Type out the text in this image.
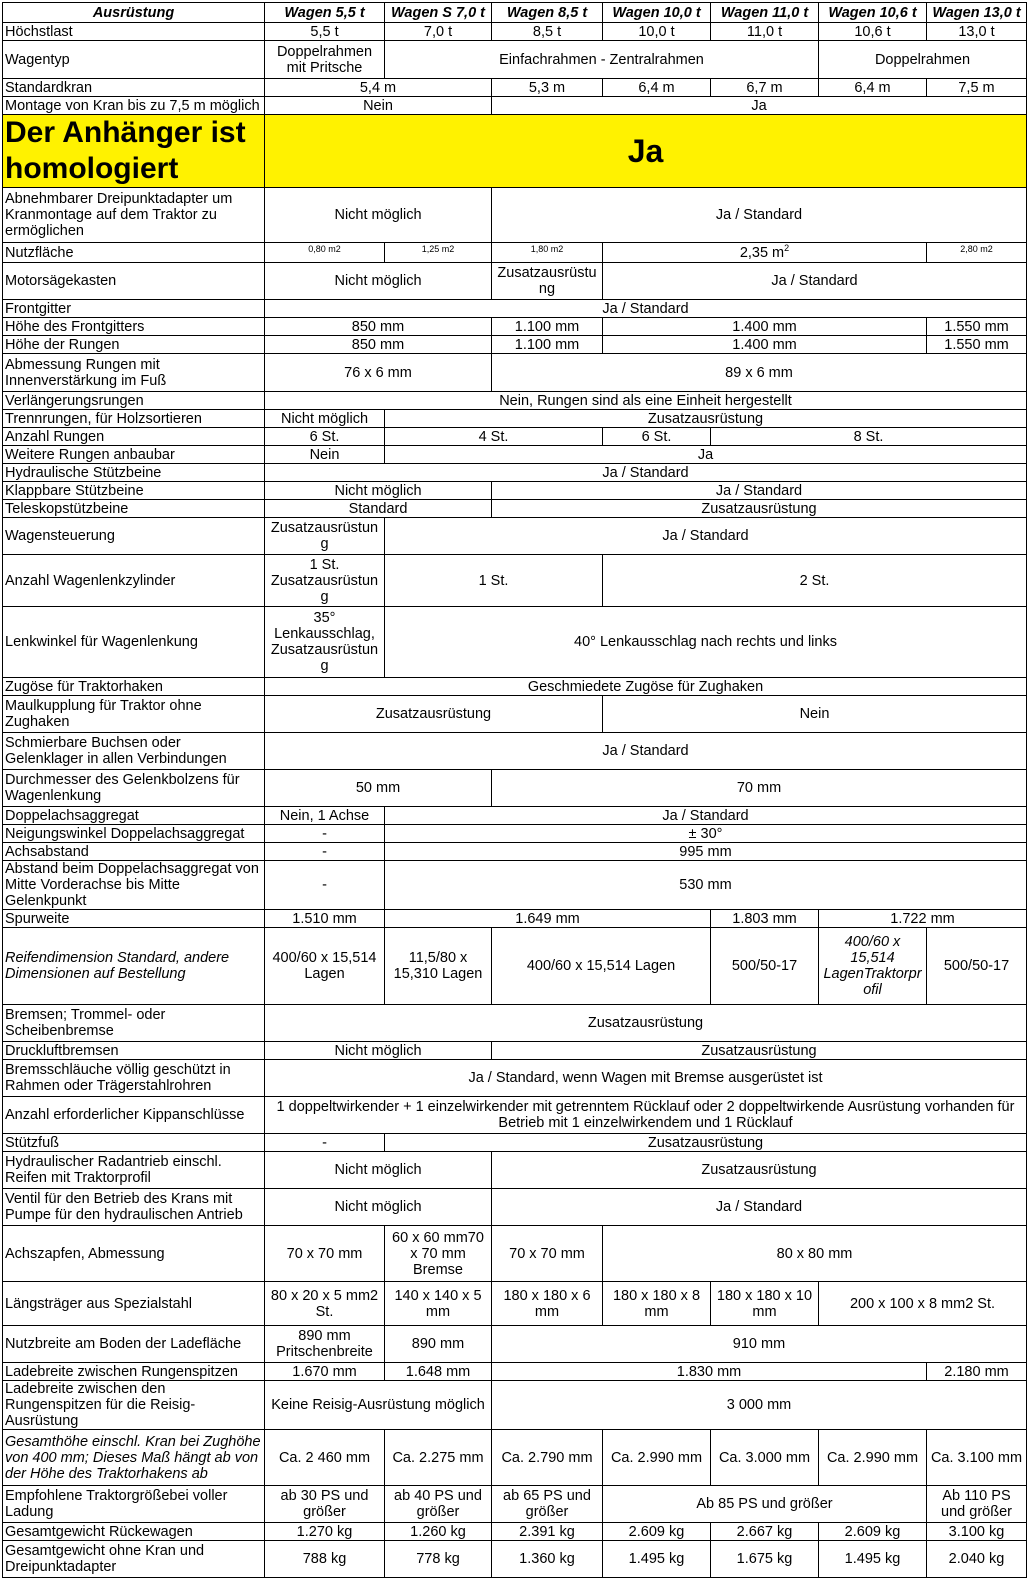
Ausrüstung	Wagen 5,5 t	Wagen S 7,0 t	Wagen 8,5 t	Wagen 10,0 t	Wagen 11,0 t	Wagen 10,6 t	Wagen 13,0 t
Höchstlast	5,5 t	7,0 t	8,5 t	10,0 t	11,0 t	10,6 t	13,0 t
Wagentyp	Doppelrahmen mit Pritsche	Einfachrahmen - Zentralrahmen				Doppelrahmen	
Standardkran	5,4 m		5,3 m	6,4 m	6,7 m	6,4 m	7,5 m
Montage von Kran bis zu 7,5 m möglich	Nein		Ja				
Der Anhänger ist homologiert	Ja						
Abnehmbarer Dreipunktadapter um Kranmontage auf dem Traktor zu ermöglichen	Nicht möglich		Ja / Standard				
Nutzfläche	0,80 m2	1,25 m2	1,80 m2	2,35 $m^2$			2,80 m2
Motorsägekasten	Nicht möglich		Zusatzausrüstung	Ja / Standard			
Frontgitter	Ja / Standard						
Höhe des Frontgitters	850 mm		1.100 mm	1.400 mm			1.550 mm
Höhe der Rungen	850 mm		1.100 mm	1.400 mm			1.550 mm
Abmessung Rungen mit Innenverstärkung im Fuß	76 x 6 mm		89 x 6 mm				
Verlängerungsrungen	Nein, Rungen sind als eine Einheit hergestellt						
Trennrungen, für Holzsortieren	Nicht möglich	Zusatzausrüstung					
Anzahl Rungen	6 St.	4 St.		6 St.	8 St.		
Weitere Rungen anbaubar	Nein	Ja					
Hydraulische Stützbeine	Ja / Standard						
Klappbare Stützbeine	Nicht möglich		Ja / Standard				
Teleskopstützbeine	Standard		Zusatzausrüstung				
Wagensteuerung	Zusatzausrüstung	Ja / Standard					
Anzahl Wagenlenkzylinder	1 St. Zusatzausrüstung	1 St.		2 St.			
Lenkwinkel für Wagenlenkung	35° Lenkausschlag, Zusatzausrüstung	40° Lenkausschlag nach rechts und links					
Zugöse für Traktorhaken	Geschmiedete Zugöse für Zughaken						
Maulkupplung für Traktor ohne Zughaken	Zusatzausrüstung			Nein			
Schmierbare Buchsen oder Gelenklager in allen Verbindungen	Ja / Standard						
Durchmesser des Gelenkbolzens für Wagenlenkung	50 mm		70 mm				
Doppelachsaggregat	Nein, 1 Achse	Ja / Standard					
Neigungswinkel Doppelachsaggregat	-	± 30°					
Achsabstand	-	995 mm					
Abstand beim Doppelachsaggregat von Mitte Vorderachse bis Mitte Gelenkpunkt	-	530 mm					
Spurweite	1.510 mm	1.649 mm			1.803 mm	1.722 mm	
Reifendimension Standard, andere Dimensionen auf Bestellung	400/60 x 15,514 Lagen	11,5/80 x 15,310 Lagen	400/60 x 15,514 Lagen		500/50-17	400/60 x 15,514 LagenTraktorprofil	500/50-17
Bremsen; Trommel- oder Scheibenbremse	Zusatzausrüstung						
Druckluftbremsen	Nicht möglich		Zusatzausrüstung				
Bremsschläuche völlig geschützt in Rahmen oder Trägerstahlrohren	Ja / Standard, wenn Wagen mit Bremse ausgerüstet ist						
Anzahl erforderlicher Kippanschlüsse	1 doppeltwirkender + 1 einzelwirkender mit getrenntem Rücklauf oder 2 doppeltwirkende Ausrüstung vorhanden für Betrieb mit 1 einzelwirkendem und 1 Rücklauf						
Stützfuß	-	Zusatzausrüstung					
Hydraulischer Radantrieb einschl. Reifen mit Traktorprofil	Nicht möglich		Zusatzausrüstung				
Ventil für den Betrieb des Krans mit Pumpe für den hydraulischen Antrieb	Nicht möglich		Ja / Standard				
Achszapfen, Abmessung	70 x 70 mm	60 x 60 mm70 x 70 mm Bremse	70 x 70 mm	80 x 80 mm			
Längsträger aus Spezialstahl	80 x 20 x 5 mm2 St.	140 x 140 x 5 mm	180 x 180 x 6 mm	180 x 180 x 8 mm	180 x 180 x 10 mm	200 x 100 x 8 mm2 St.	
Nutzbreite am Boden der Ladefläche	890 mm Pritschenbreite	890 mm	910 mm				
Ladebreite zwischen Rungenspitzen	1.670 mm	1.648 mm	1.830 mm				2.180 mm
Ladebreite zwischen den Rungenspitzen für die Reisig-Ausrüstung	Keine Reisig-Ausrüstung möglich		3 000 mm				
Gesamthöhe einschl. Kran bei Zughöhe von 400 mm; Dieses Maß hängt ab von der Höhe des Traktorhakens ab	Ca. 2 460 mm	Ca. 2.275 mm	Ca. 2.790 mm	Ca. 2.990 mm	Ca. 3.000 mm	Ca. 2.990 mm	Ca. 3.100 mm
Empfohlene Traktorgrößebei voller Ladung	ab 30 PS und größer	ab 40 PS und größer	ab 65 PS und größer	Ab 85 PS und größer			Ab 110 PS und größer
Gesamtgewicht Rückewagen	1.270 kg	1.260 kg	2.391 kg	2.609 kg	2.667 kg	2.609 kg	3.100 kg
Gesamtgewicht ohne Kran und Dreipunktadapter	788 kg	778 kg	1.360 kg	1.495 kg	1.675 kg	1.495 kg	2.040 kg
